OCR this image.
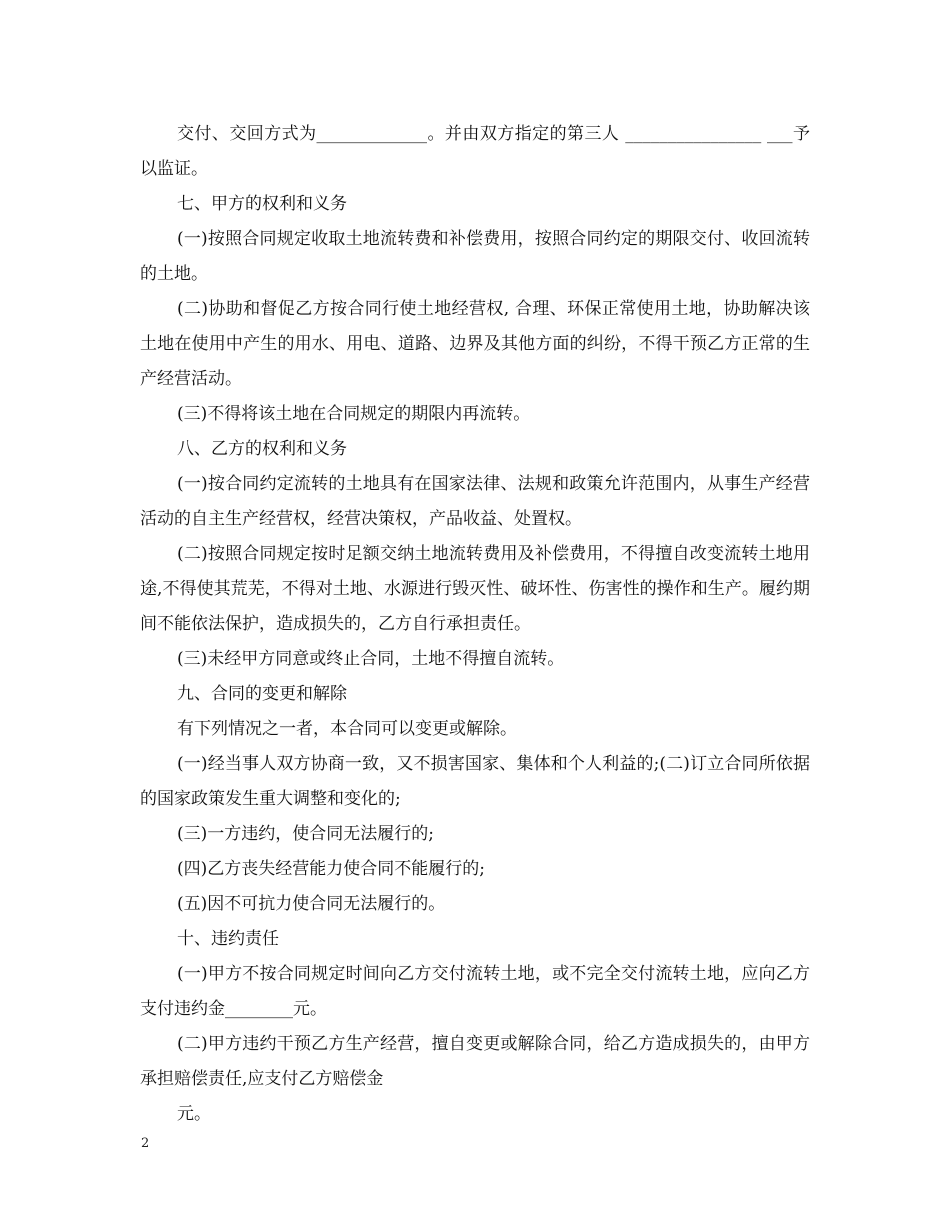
交付、交回方式为_____________。并由双方指定的第三人 ________________ ___予以监证。

七、甲方的权利和义务

(一)按照合同规定收取土地流转费和补偿费用，按照合同约定的期限交付、收回流转的土地。

(二)协助和督促乙方按合同行使土地经营权, 合理、环保正常使用土地，协助解决该土地在使用中产生的用水、用电、道路、边界及其他方面的纠纷，不得干预乙方正常的生产经营活动。

(三)不得将该土地在合同规定的期限内再流转。

八、乙方的权利和义务

(一)按合同约定流转的土地具有在国家法律、法规和政策允许范围内，从事生产经营活动的自主生产经营权，经营决策权，产品收益、处置权。

(二)按照合同规定按时足额交纳土地流转费用及补偿费用，不得擅自改变流转土地用途,不得使其荒芜，不得对土地、水源进行毁灭性、破坏性、伤害性的操作和生产。履约期间不能依法保护，造成损失的，乙方自行承担责任。

(三)未经甲方同意或终止合同，土地不得擅自流转。

九、合同的变更和解除

有下列情况之一者，本合同可以变更或解除。

(一)经当事人双方协商一致，又不损害国家、集体和个人利益的;(二)订立合同所依据的国家政策发生重大调整和变化的;

(三)一方违约，使合同无法履行的;

(四)乙方丧失经营能力使合同不能履行的;

(五)因不可抗力使合同无法履行的。

十、违约责任

(一)甲方不按合同规定时间向乙方交付流转土地，或不完全交付流转土地，应向乙方支付违约金________元。

(二)甲方违约干预乙方生产经营，擅自变更或解除合同，给乙方造成损失的，由甲方承担赔偿责任,应支付乙方赔偿金

元。

2
